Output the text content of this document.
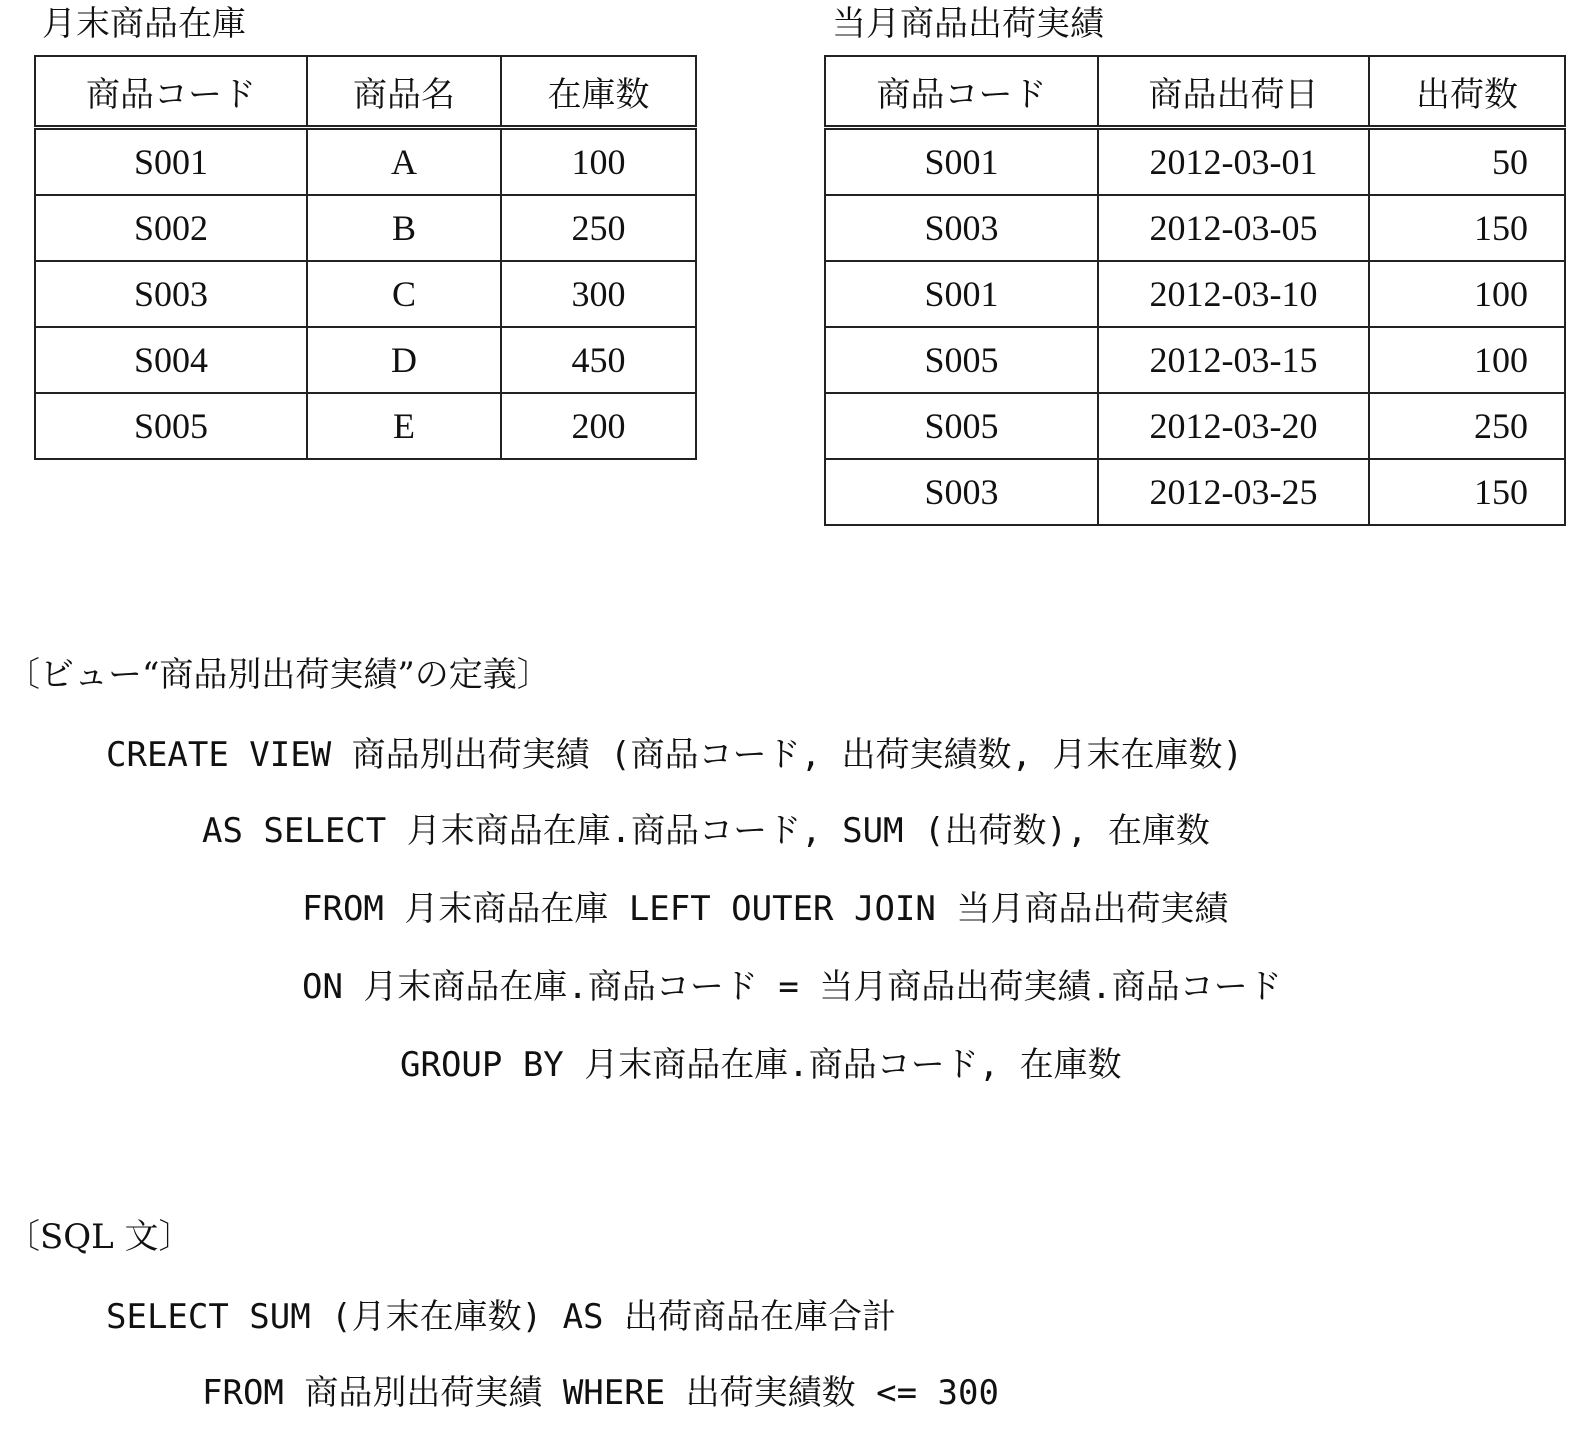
月末商品在庫
商品コード	商品名	在庫数
S001	A	100
S002	B	250
S003	C	300
S004	D	450
S005	E	200
当月商品出荷実績
商品コード	商品出荷日	出荷数
S001	2012-03-01	50
S003	2012-03-05	150
S001	2012-03-10	100
S005	2012-03-15	100
S005	2012-03-20	250
S003	2012-03-25	150
〔ビュー“商品別出荷実績”の定義〕
CREATE VIEW 商品別出荷実績 (商品コード, 出荷実績数, 月末在庫数)
AS SELECT 月末商品在庫.商品コード, SUM (出荷数), 在庫数
FROM 月末商品在庫 LEFT OUTER JOIN 当月商品出荷実績
ON 月末商品在庫.商品コード = 当月商品出荷実績.商品コード
GROUP BY 月末商品在庫.商品コード, 在庫数
〔SQL 文〕
SELECT SUM (月末在庫数) AS 出荷商品在庫合計
FROM 商品別出荷実績 WHERE 出荷実績数 <= 300
